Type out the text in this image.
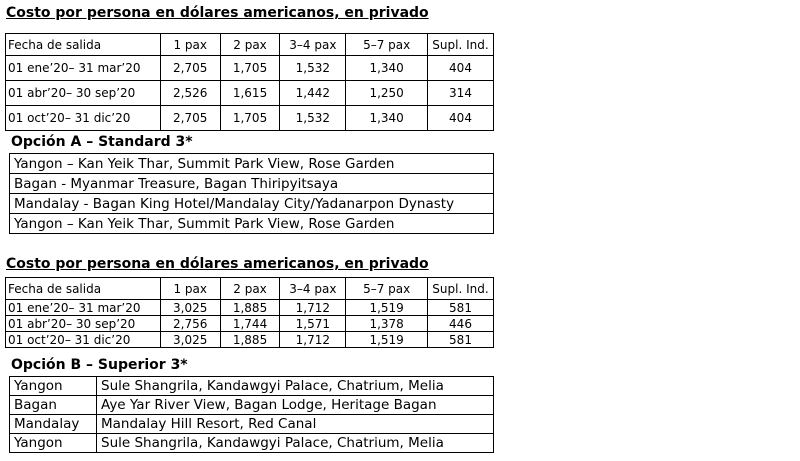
Costo por persona en dólares americanos, en privado
Fecha de salida	1 pax	2 pax	3–4 pax	5–7 pax	Supl. Ind.
01 ene’20– 31 mar’20	2,705	1,705	1,532	1,340	404
01 abr’20– 30 sep’20	2,526	1,615	1,442	1,250	314
01 oct’20– 31 dic’20	2,705	1,705	1,532	1,340	404
Opción A – Standard 3*
Yangon – Kan Yeik Thar, Summit Park View, Rose Garden
Bagan - Myanmar Treasure, Bagan Thiripyitsaya
Mandalay - Bagan King Hotel/Mandalay City/Yadanarpon Dynasty
Yangon – Kan Yeik Thar, Summit Park View, Rose Garden
Costo por persona en dólares americanos, en privado
Fecha de salida	1 pax	2 pax	3–4 pax	5–7 pax	Supl. Ind.
01 ene’20– 31 mar’20	3,025	1,885	1,712	1,519	581
01 abr’20– 30 sep’20	2,756	1,744	1,571	1,378	446
01 oct’20– 31 dic’20	3,025	1,885	1,712	1,519	581
Opción B – Superior 3*
Yangon	Sule Shangrila, Kandawgyi Palace, Chatrium, Melia
Bagan	Aye Yar River View, Bagan Lodge, Heritage Bagan
Mandalay	Mandalay Hill Resort, Red Canal
Yangon	Sule Shangrila, Kandawgyi Palace, Chatrium, Melia
